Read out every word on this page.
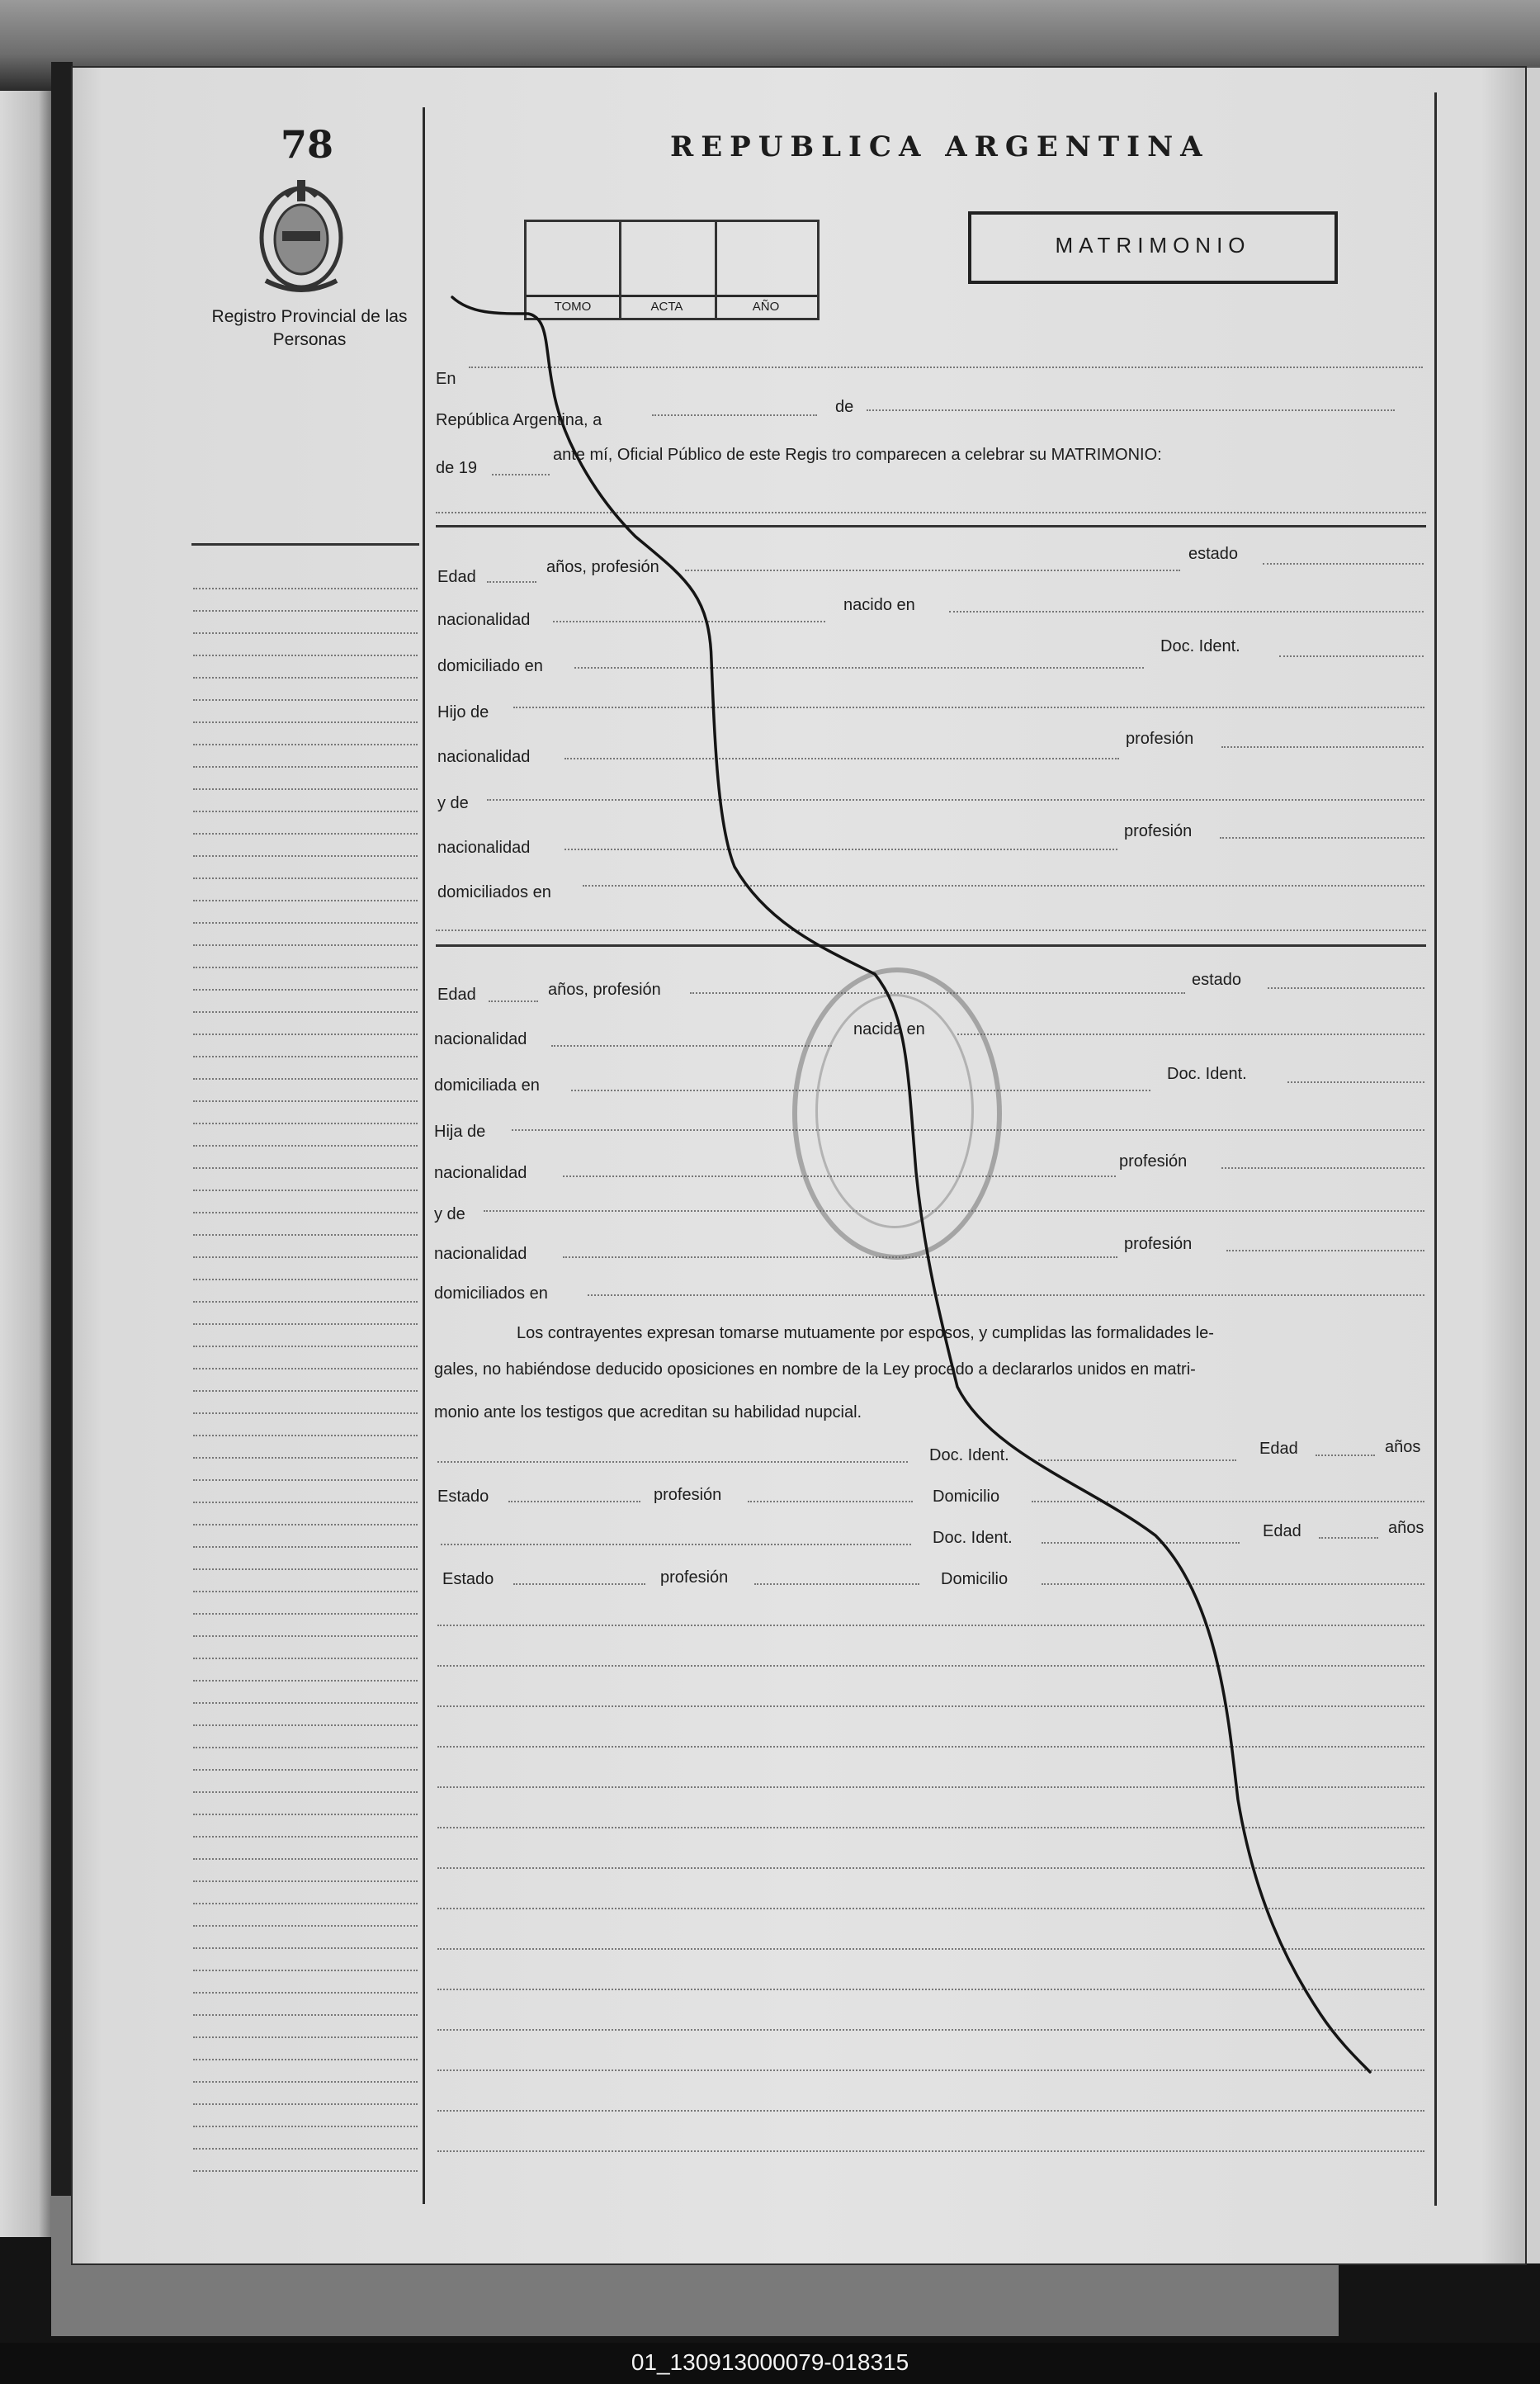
78	REPUBLICA ARGENTINA
Registro Provincial de las Personas
TOMO	ACTA	AÑO
MATRIMONIO
En
República Argentina, a
de
de 19
ante mí, Oficial Público de este Regis tro comparecen a celebrar su MATRIMONIO:
Edad
años, profesión
estado
nacionalidad
nacido en
domiciliado en
Doc. Ident.
Hijo de
nacionalidad
profesión
y de
nacionalidad
profesión
domiciliados en
Edad	años, profesión
estado
nacionalidad
nacida en
domiciliada en
Doc. Ident.
Hija de
nacionalidad
profesión
y de
nacionalidad
profesión
domiciliados en
Los contrayentes expresan tomarse mutuamente por esposos, y cumplidas las formalidades le-
gales, no habiéndose deducido oposiciones en nombre de la Ley procedo a declararlos unidos en matri-
monio ante los testigos que acreditan su habilidad nupcial.
Doc. Ident.	Edad	años
Estado	profesión	Domicilio
Doc. Ident.	Edad	años
Estado	profesión	Domicilio
01_130913000079-018315
